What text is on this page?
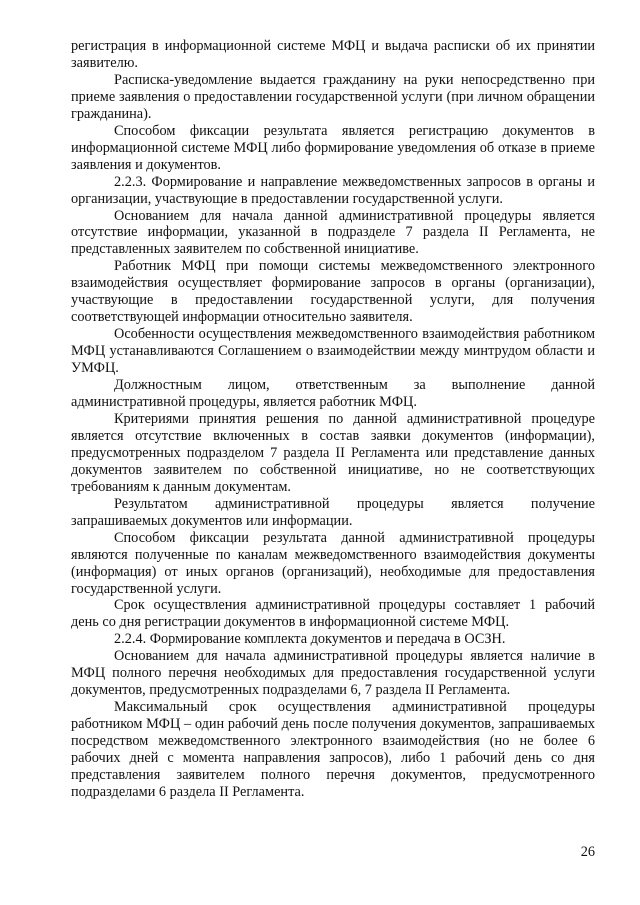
регистрация в информационной системе МФЦ и выдача расписки об их принятии заявителю.

Расписка-уведомление выдается гражданину на руки непосредственно при приеме заявления о предоставлении государственной услуги (при личном обращении гражданина).

Способом фиксации результата является регистрацию документов в информационной системе МФЦ либо формирование уведомления об отказе в приеме заявления и документов.

2.2.3. Формирование и направление межведомственных запросов в органы и организации, участвующие в предоставлении государственной услуги.

Основанием для начала данной административной процедуры является отсутствие информации, указанной в подразделе 7 раздела II Регламента, не представленных заявителем по собственной инициативе.

Работник МФЦ при помощи системы межведомственного электронного взаимодействия осуществляет формирование запросов в органы (организации), участвующие в предоставлении государственной услуги, для получения соответствующей информации относительно заявителя.

Особенности осуществления межведомственного взаимодействия работником МФЦ устанавливаются Соглашением о взаимодействии между минтрудом области и УМФЦ.

Должностным лицом, ответственным за выполнение данной административной процедуры, является работник МФЦ.

Критериями принятия решения по данной административной процедуре является отсутствие включенных в состав заявки документов (информации), предусмотренных подразделом 7 раздела II Регламента или представление данных документов заявителем по собственной инициативе, но не соответствующих требованиям к данным документам.

Результатом административной процедуры является получение запрашиваемых документов или информации.

Способом фиксации результата данной административной процедуры являются полученные по каналам межведомственного взаимодействия документы (информация) от иных органов (организаций), необходимые для предоставления государственной услуги.

Срок осуществления административной процедуры составляет 1 рабочий день со дня регистрации документов в информационной системе МФЦ.

2.2.4. Формирование комплекта документов и передача в ОСЗН.

Основанием для начала административной процедуры является наличие в МФЦ полного перечня необходимых для предоставления государственной услуги документов, предусмотренных подразделами 6, 7 раздела II Регламента.

Максимальный срок осуществления административной процедуры работником МФЦ – один рабочий день после получения документов, запрашиваемых посредством межведомственного электронного взаимодействия (но не более 6 рабочих дней с момента направления запросов), либо 1 рабочий день со дня представления заявителем полного перечня документов, предусмотренного подразделами 6 раздела II Регламента.

26
